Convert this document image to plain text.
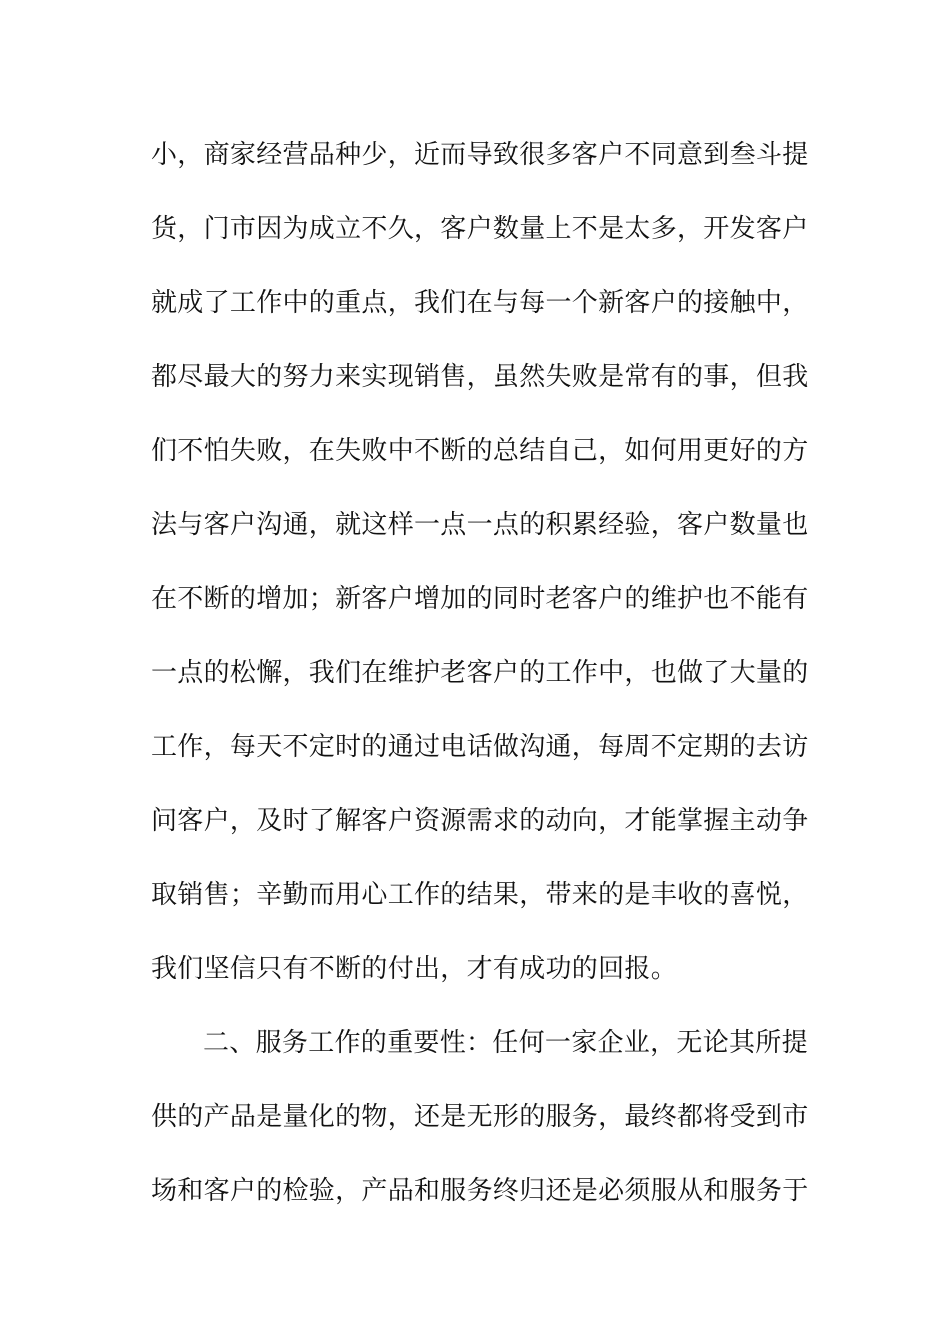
小，商家经营品种少，近而导致很多客户不同意到叁斗提
货，门市因为成立不久，客户数量上不是太多，开发客户
就成了工作中的重点，我们在与每一个新客户的接触中，
都尽最大的努力来实现销售，虽然失败是常有的事，但我
们不怕失败，在失败中不断的总结自己，如何用更好的方
法与客户沟通，就这样一点一点的积累经验，客户数量也
在不断的增加；新客户增加的同时老客户的维护也不能有
一点的松懈，我们在维护老客户的工作中，也做了大量的
工作，每天不定时的通过电话做沟通，每周不定期的去访
问客户，及时了解客户资源需求的动向，才能掌握主动争
取销售；辛勤而用心工作的结果，带来的是丰收的喜悦，
我们坚信只有不断的付出，才有成功的回报。
二、服务工作的重要性：任何一家企业，无论其所提
供的产品是量化的物，还是无形的服务，最终都将受到市
场和客户的检验，产品和服务终归还是必须服从和服务于
